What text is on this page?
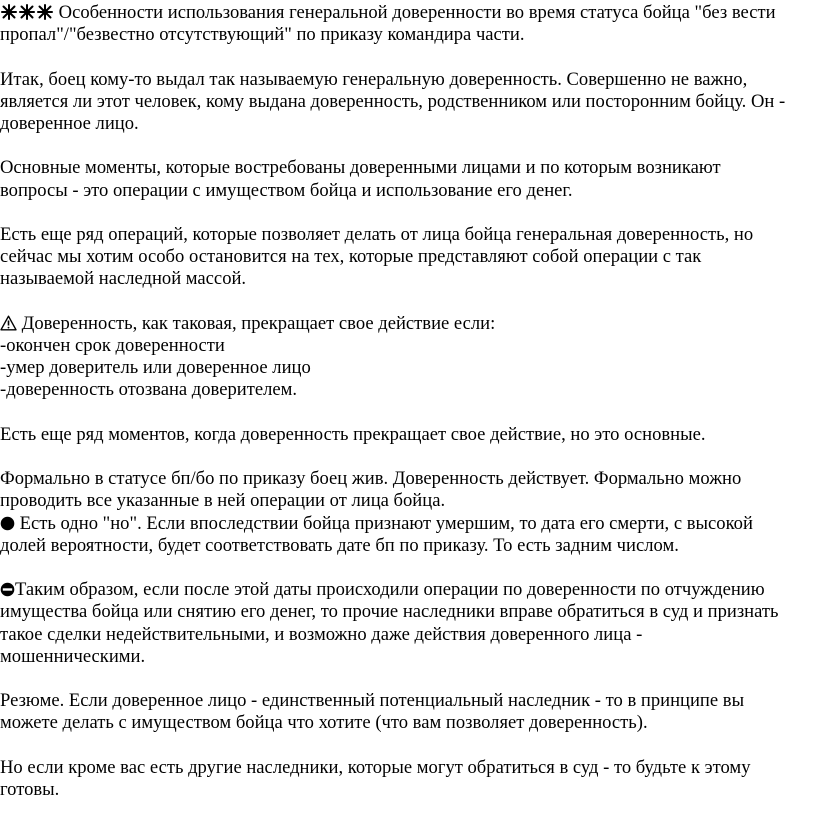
Особенности использования генеральной доверенности во время статуса бойца "без вести
пропал"/"безвестно отсутствующий" по приказу командира части.
Итак, боец кому-то выдал так называемую генеральную доверенность. Совершенно не важно,
является ли этот человек, кому выдана доверенность, родственником или посторонним бойцу. Он -
доверенное лицо.
Основные моменты, которые востребованы доверенными лицами и по которым возникают
вопросы - это операции с имуществом бойца и использование его денег.
Есть еще ряд операций, которые позволяет делать от лица бойца генеральная доверенность, но
сейчас мы хотим особо остановится на тех, которые представляют собой операции с так
называемой наследной массой.
Доверенность, как таковая, прекращает свое действие если:
-окончен срок доверенности
-умер доверитель или доверенное лицо
-доверенность отозвана доверителем.
Есть еще ряд моментов, когда доверенность прекращает свое действие, но это основные.
Формально в статусе бп/бо по приказу боец жив. Доверенность действует. Формально можно
проводить все указанные в ней операции от лица бойца.
Есть одно "но". Если впоследствии бойца признают умершим, то дата его смерти, с высокой
долей вероятности, будет соответствовать дате бп по приказу. То есть задним числом.
Таким образом, если после этой даты происходили операции по доверенности по отчуждению
имущества бойца или снятию его денег, то прочие наследники вправе обратиться в суд и признать
такое сделки недействительными, и возможно даже действия доверенного лица -
мошенническими.
Резюме. Если доверенное лицо - единственный потенциальный наследник - то в принципе вы
можете делать с имуществом бойца что хотите (что вам позволяет доверенность).
Но если кроме вас есть другие наследники, которые могут обратиться в суд - то будьте к этому
готовы.
